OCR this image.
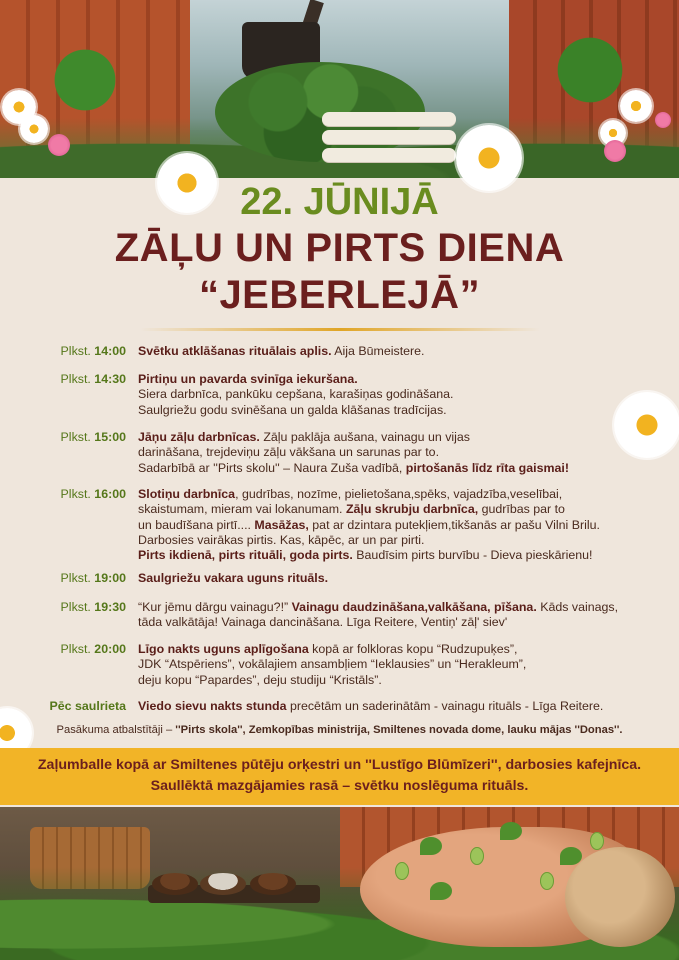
22. JŪNIJĀ
ZĀĻU UN PIRTS DIENA
“JEBERLEJĀ”
Plkst. 14:00 Svētku atklāšanas rituālais aplis. Aija Būmeistere.
Plkst. 14:30 Pirtiņu un pavarda svinīga iekuršana.
Siera darbnīca, pankūku cepšana, karašiņas godināšana.
Saulgriežu godu svinēšana un galda klāšanas tradīcijas.
Plkst. 15:00 Jāņu zāļu darbnīcas. Zāļu paklāja aušana, vainagu un vijas
darināšana, trejdeviņu zāļu vākšana un sarunas par to.
Sadarbībā ar ''Pirts skolu'' – Naura Zuša vadībā, pirtošanās līdz rīta gaismai!
Plkst. 16:00 Slotiņu darbnīca, gudrības, nozīme, pielietošana,spēks, vajadzība,veselībai,
skaistumam, mieram vai lokanumam. Zāļu skrubju darbnīca, gudrības par to
un baudīšana pirtī.... Masāžas, pat ar dzintara putekļiem,tikšanās ar pašu Vilni Brilu.
Darbosies vairākas pirtis. Kas, kāpēc, ar un par pirti.
Pirts ikdienā, pirts rituāli, goda pirts. Baudīsim pirts burvību - Dieva pieskārienu!
Plkst. 19:00 Saulgriežu vakara uguns rituāls.
Plkst. 19:30 “Kur jēmu dārgu vainagu?!” Vainagu daudzināšana,valkāšana, pīšana. Kāds vainags,
tāda valkātāja! Vainaga dancināšana. Līga Reitere, Ventiņ' zāļ' siev'
Plkst. 20:00 Līgo nakts uguns aplīgošana kopā ar folkloras kopu “Rudzupuķes”,
JDK “Atspēriens”, vokālajiem ansambļiem “Ieklausies” un “Herakleum”,
deju kopu “Papardes”, deju studiju “Kristāls”.
Pēc saulrieta Viedo sievu nakts stunda precētām un saderinātām - vainagu rituāls - Līga Reitere.
Pasākuma atbalstītāji – ''Pirts skola'', Zemkopības ministrija, Smiltenes novada dome, lauku mājas ''Donas''.
Zaļumballe kopā ar Smiltenes pūtēju orķestri un ''Lustīgo Blūmīzeri'', darbosies kafejnīca.
Saullēktā mazgājamies rasā – svētku noslēguma rituāls.
